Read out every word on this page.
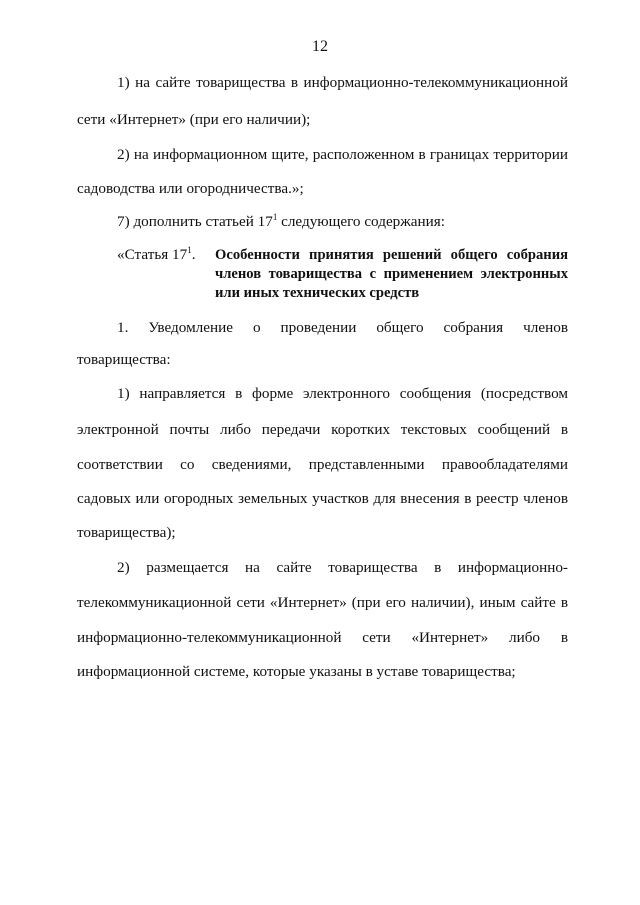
12
1) на сайте товарищества в информационно-телекоммуникационной
сети «Интернет» (при его наличии);
2) на информационном щите, расположенном в границах территории
садоводства или огородничества.»;
7) дополнить статьей $17^1$ следующего содержания:
«Статья $17^1$. Особенности принятия решений общего собрания
членов товарищества с применением электронных
или иных технических средств
1. Уведомление о проведении общего собрания членов
товарищества:
1) направляется в форме электронного сообщения (посредством
электронной почты либо передачи коротких текстовых сообщений в
соответствии со сведениями, представленными правообладателями
садовых или огородных земельных участков для внесения в реестр членов
товарищества);
2) размещается на сайте товарищества в информационно-
телекоммуникационной сети «Интернет» (при его наличии), иным сайте в
информационно-телекоммуникационной сети «Интернет» либо в
информационной системе, которые указаны в уставе товарищества;
